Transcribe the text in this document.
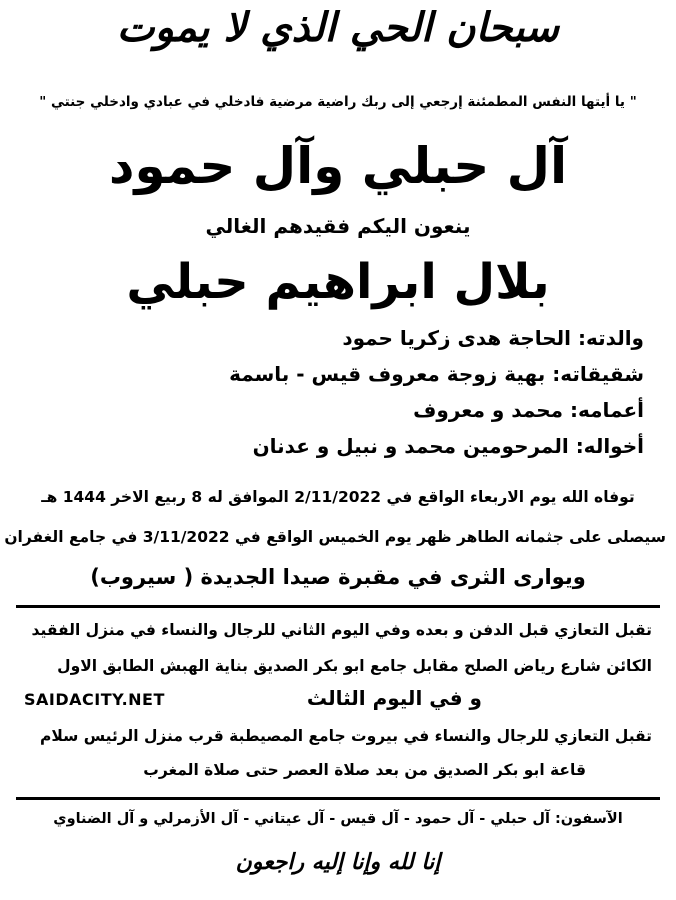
سبحان الحي الذي لا يموت
" يا أيتها النفس المطمئنة إرجعي إلى ربك راضية مرضية فادخلي في عبادي وادخلي جنتي "
آل حبلي وآل حمود
ينعون اليكم فقيدهم الغالي
بلال ابراهيم حبلي
والدته: الحاجة هدى زكريا حمود
شقيقاته: بهية زوجة معروف قيس - باسمة
أعمامه: محمد و معروف
أخواله: المرحومين محمد و نبيل و عدنان
توفاه الله يوم الاربعاء الواقع في 2/11/2022 الموافق له 8 ربيع الاخر 1444 هـ
سيصلى على جثمانه الطاهر ظهر يوم الخميس الواقع في 3/11/2022 في جامع الغفران
ويوارى الثرى في مقبرة صيدا الجديدة ( سيروب)
تقبل التعازي قبل الدفن و بعده وفي اليوم الثاني للرجال والنساء في منزل الفقيد
الكائن شارع رياض الصلح مقابل جامع ابو بكر الصديق بناية الهبش الطابق الاول
و في اليوم الثالث
SAIDACITY.NET
تقبل التعازي للرجال والنساء في بيروت جامع المصيطبة قرب منزل الرئيس سلام
قاعة ابو بكر الصديق من بعد صلاة العصر حتى صلاة المغرب
الآسفون: آل حبلي - آل حمود - آل قيس - آل عيتاني - آل الأزمرلي و آل الضناوي
إنا لله وإنا إليه راجعون
